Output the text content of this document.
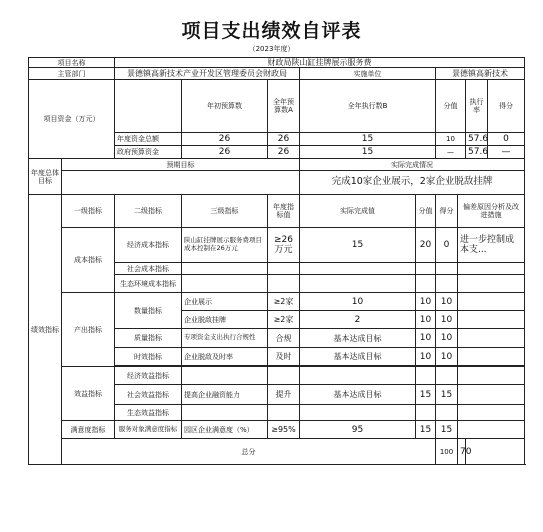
项目支出绩效自评表
（2023年度）
项目名称		财政局陕山缸挂牌展示服务费								
主管部门		景德镇高新技术产业开发区管理委员会财政局			实施单位		景德镇高新技术			
项目资金（万元）			年初预算数	全年预算数A	全年执行数B		分值		执行率	得分
		年度资金总额	26	26	15		10		57.6	0
		政府预算资金	26	26	15		—		57.6	—
年度总体目标	预期目标				实际完成情况					
					完成10家企业展示，2家企业脱敌挂牌					
绩效指标	一级指标	二级指标	三级指标	年度指标值	实际完成值	分值	得分	偏差原因分析及改进措施		
	成本指标	经济成本指标	陕山缸挂牌展示服务费项目成本控制在26万元	≥26万元	15	20	0	进一步控制成本支...		
		社会成本指标								
		生态环境成本指标								
	产出指标	数量指标	企业展示	≥2家	10	10	10			
			企业脱敌挂牌	≥2家	2	10	10			
		质量指标	专项资金支出执行合规性	合规	基本达成目标	10	10			
		时效指标	企业脱敌及时率	及时	基本达成目标	10	10			

	效益指标	经济效益指标								
		社会效益指标	提高企业融资能力	提升	基本达成目标	15	15			
		生态效益指标								
	满意度指标	服务对象满意度指标	园区企业满意度（%）	≥95%	95	15	15			
	总分						100	70		
